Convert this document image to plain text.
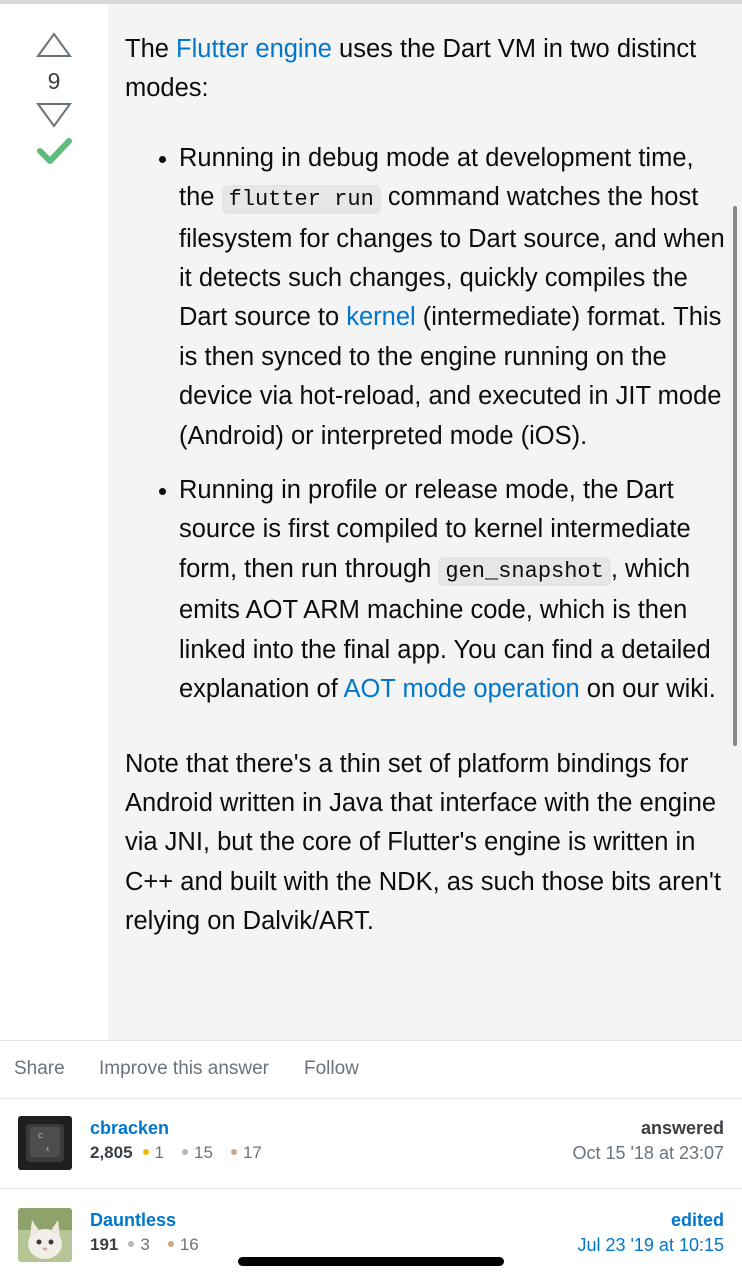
9

The Flutter engine uses the Dart VM in two distinct modes:

• Running in debug mode at development time, the flutter run command watches the host filesystem for changes to Dart source, and when it detects such changes, quickly compiles the Dart source to kernel (intermediate) format. This is then synced to the engine running on the device via hot-reload, and executed in JIT mode (Android) or interpreted mode (iOS).
• Running in profile or release mode, the Dart source is first compiled to kernel intermediate form, then run through gen_snapshot , which emits AOT ARM machine code, which is then linked into the final app. You can find a detailed explanation of AOT mode operation on our wiki.

Note that there's a thin set of platform bindings for Android written in Java that interface with the engine via JNI, but the core of Flutter's engine is written in C++ and built with the NDK, as such those bits aren't relying on Dalvik/ART.

Share Improve this answer Follow
C
±
cbracken
2,805 1 15 17
answered
Oct 15 '18 at 23:07
Dauntless
191 3 16
edited
Jul 23 '19 at 10:15
